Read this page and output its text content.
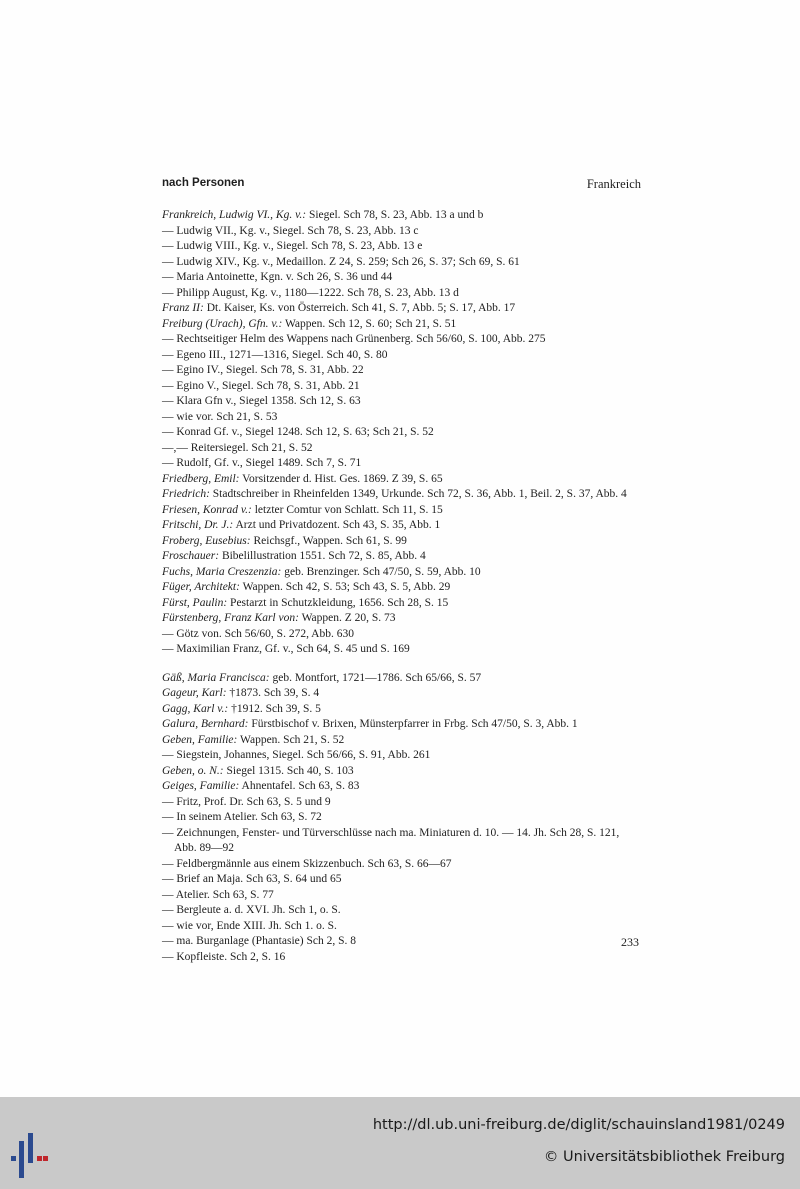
nach Personen	Frankreich
Frankreich, Ludwig VI., Kg. v.: Siegel. Sch 78, S. 23, Abb. 13 a und b
— Ludwig VII., Kg. v., Siegel. Sch 78, S. 23, Abb. 13 c
— Ludwig VIII., Kg. v., Siegel. Sch 78, S. 23, Abb. 13 e
— Ludwig XIV., Kg. v., Medaillon. Z 24, S. 259; Sch 26, S. 37; Sch 69, S. 61
— Maria Antoinette, Kgn. v. Sch 26, S. 36 und 44
— Philipp August, Kg. v., 1180—1222. Sch 78, S. 23, Abb. 13 d
Franz II: Dt. Kaiser, Ks. von Österreich. Sch 41, S. 7, Abb. 5; S. 17, Abb. 17
Freiburg (Urach), Gfn. v.: Wappen. Sch 12, S. 60; Sch 21, S. 51
— Rechtseitiger Helm des Wappens nach Grünenberg. Sch 56/60, S. 100, Abb. 275
— Egeno III., 1271—1316, Siegel. Sch 40, S. 80
— Egino IV., Siegel. Sch 78, S. 31, Abb. 22
— Egino V., Siegel. Sch 78, S. 31, Abb. 21
— Klara Gfn v., Siegel 1358. Sch 12, S. 63
— wie vor. Sch 21, S. 53
— Konrad Gf. v., Siegel 1248. Sch 12, S. 63; Sch 21, S. 52
—,— Reitersiegel. Sch 21, S. 52
— Rudolf, Gf. v., Siegel 1489. Sch 7, S. 71
Friedberg, Emil: Vorsitzender d. Hist. Ges. 1869. Z 39, S. 65
Friedrich: Stadtschreiber in Rheinfelden 1349, Urkunde. Sch 72, S. 36, Abb. 1, Beil. 2, S. 37, Abb. 4
Friesen, Konrad v.: letzter Comtur von Schlatt. Sch 11, S. 15
Fritschi, Dr. J.: Arzt und Privatdozent. Sch 43, S. 35, Abb. 1
Froberg, Eusebius: Reichsgf., Wappen. Sch 61, S. 99
Froschauer: Bibelillustration 1551. Sch 72, S. 85, Abb. 4
Fuchs, Maria Creszenzia: geb. Brenzinger. Sch 47/50, S. 59, Abb. 10
Füger, Architekt: Wappen. Sch 42, S. 53; Sch 43, S. 5, Abb. 29
Fürst, Paulin: Pestarzt in Schutzkleidung, 1656. Sch 28, S. 15
Fürstenberg, Franz Karl von: Wappen. Z 20, S. 73
— Götz von. Sch 56/60, S. 272, Abb. 630
— Maximilian Franz, Gf. v., Sch 64, S. 45 und S. 169
Gäß, Maria Francisca: geb. Montfort, 1721—1786. Sch 65/66, S. 57
Gageur, Karl: †1873. Sch 39, S. 4
Gagg, Karl v.: †1912. Sch 39, S. 5
Galura, Bernhard: Fürstbischof v. Brixen, Münsterpfarrer in Frbg. Sch 47/50, S. 3, Abb. 1
Geben, Familie: Wappen. Sch 21, S. 52
— Siegstein, Johannes, Siegel. Sch 56/66, S. 91, Abb. 261
Geben, o. N.: Siegel 1315. Sch 40, S. 103
Geiges, Familie: Ahnentafel. Sch 63, S. 83
— Fritz, Prof. Dr. Sch 63, S. 5 und 9
— In seinem Atelier. Sch 63, S. 72
— Zeichnungen, Fenster- und Türverschlüsse nach ma. Miniaturen d. 10. — 14. Jh. Sch 28, S. 121, Abb. 89—92
— Feldbergmännle aus einem Skizzenbuch. Sch 63, S. 66—67
— Brief an Maja. Sch 63, S. 64 und 65
— Atelier. Sch 63, S. 77
— Bergleute a. d. XVI. Jh. Sch 1, o. S.
— wie vor, Ende XIII. Jh. Sch 1. o. S.
— ma. Burganlage (Phantasie) Sch 2, S. 8
— Kopfleiste. Sch 2, S. 16
233
http://dl.ub.uni-freiburg.de/diglit/schauinsland1981/0249
© Universitätsbibliothek Freiburg
